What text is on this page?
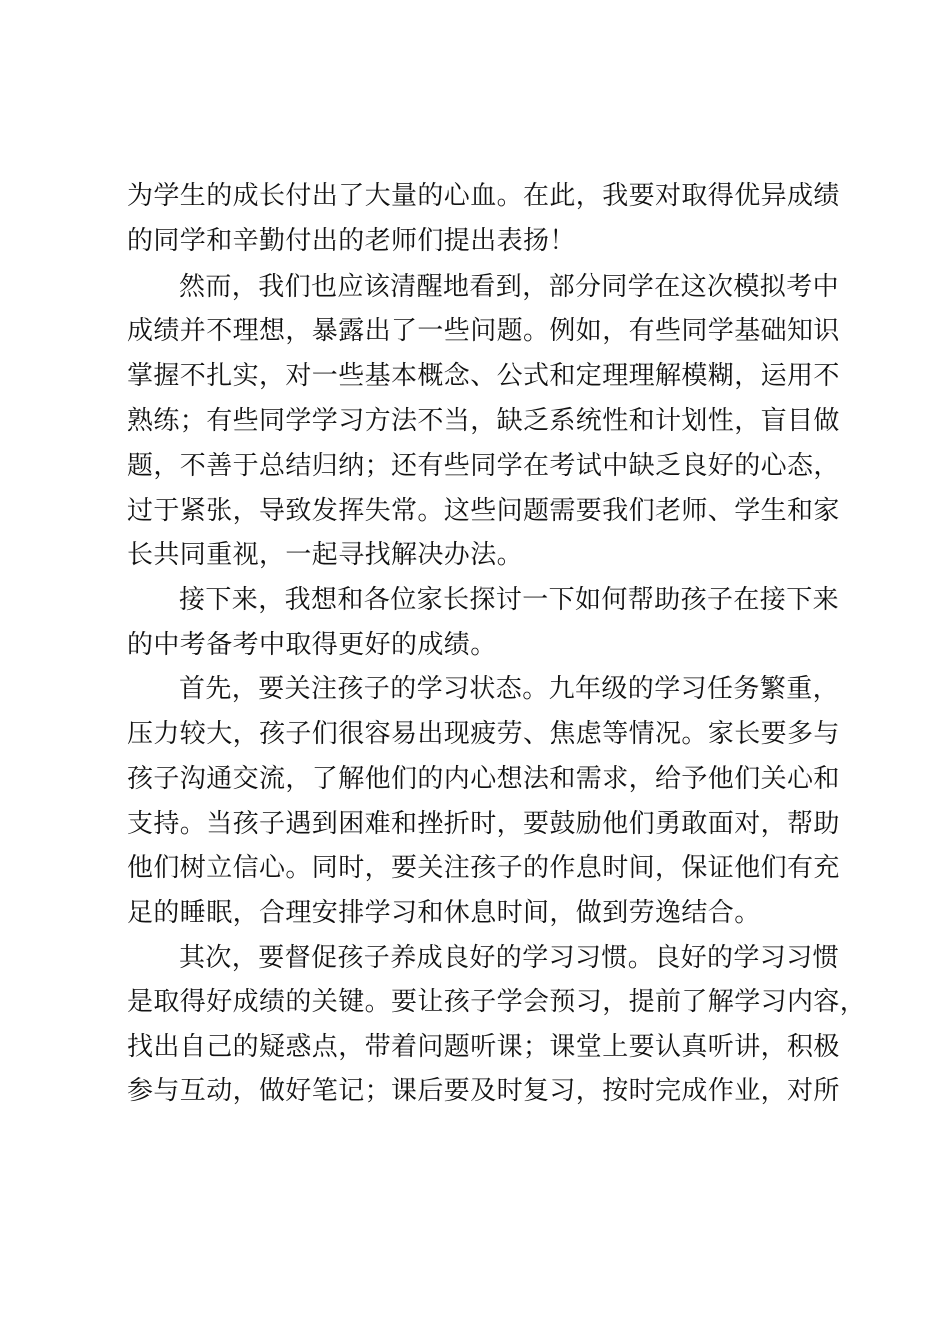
为学生的成长付出了大量的心血。在此，我要对取得优异成绩
的同学和辛勤付出的老师们提出表扬！
然而，我们也应该清醒地看到，部分同学在这次模拟考中
成绩并不理想，暴露出了一些问题。例如，有些同学基础知识
掌握不扎实，对一些基本概念、公式和定理理解模糊，运用不
熟练；有些同学学习方法不当，缺乏系统性和计划性，盲目做
题，不善于总结归纳；还有些同学在考试中缺乏良好的心态，
过于紧张，导致发挥失常。这些问题需要我们老师、学生和家
长共同重视，一起寻找解决办法。
接下来，我想和各位家长探讨一下如何帮助孩子在接下来
的中考备考中取得更好的成绩。
首先，要关注孩子的学习状态。九年级的学习任务繁重，
压力较大，孩子们很容易出现疲劳、焦虑等情况。家长要多与
孩子沟通交流，了解他们的内心想法和需求，给予他们关心和
支持。当孩子遇到困难和挫折时，要鼓励他们勇敢面对，帮助
他们树立信心。同时，要关注孩子的作息时间，保证他们有充
足的睡眠，合理安排学习和休息时间，做到劳逸结合。
其次，要督促孩子养成良好的学习习惯。良好的学习习惯
是取得好成绩的关键。要让孩子学会预习，提前了解学习内容，
找出自己的疑惑点，带着问题听课；课堂上要认真听讲，积极
参与互动，做好笔记；课后要及时复习，按时完成作业，对所
